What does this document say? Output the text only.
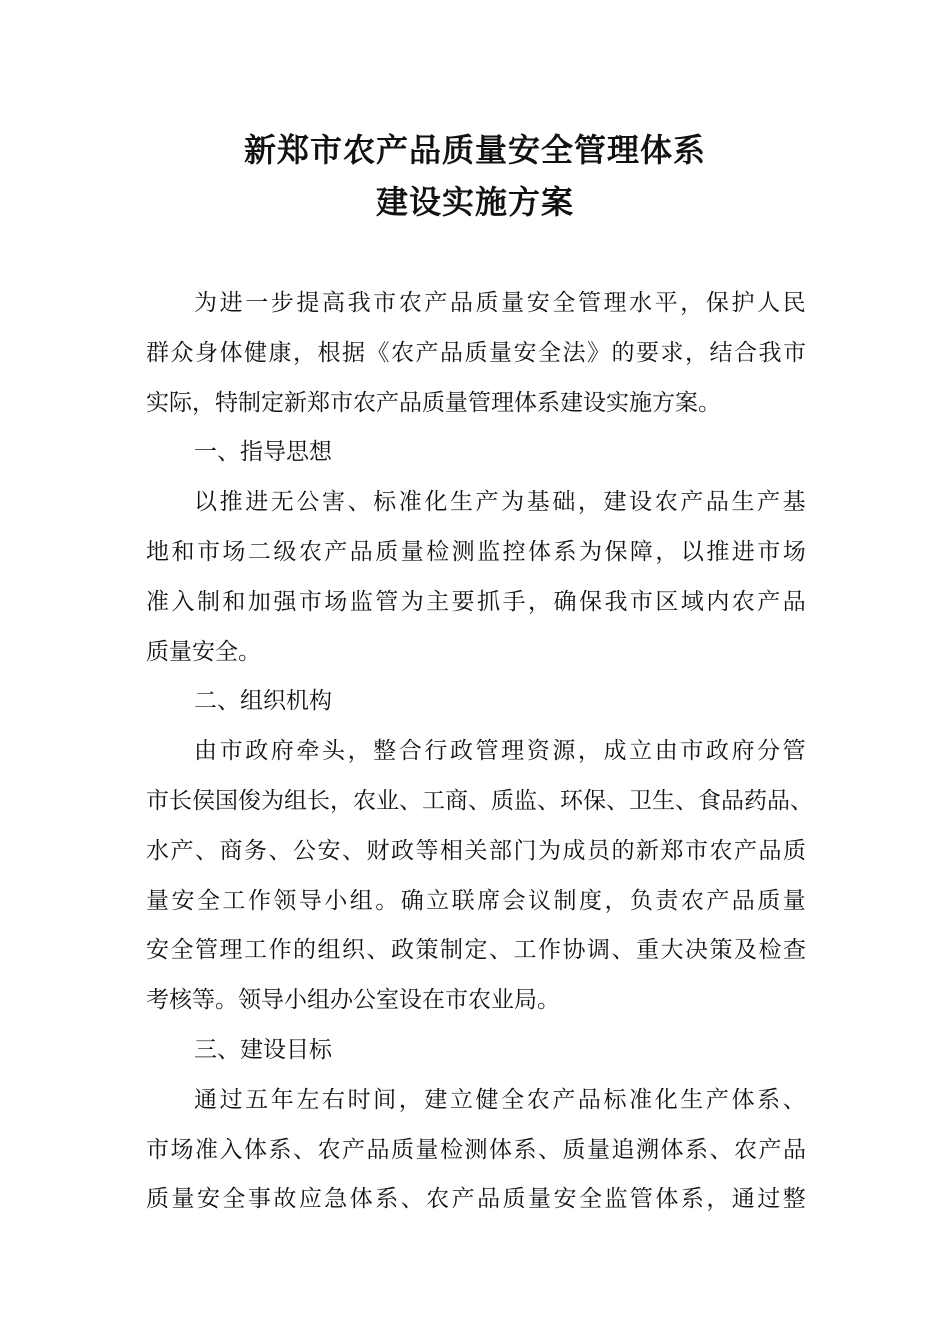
新郑市农产品质量安全管理体系
建设实施方案
为 进 一 步 提 高 我 市 农 产 品 质 量 安 全 管 理 水 平 ， 保 护 人 民
群 众 身 体 健 康 ， 根 据 《 农 产 品 质 量 安 全 法 》 的 要 求 ， 结 合 我 市
实际，特制定新郑市农产品质量管理体系建设实施方案。
一、指导思想
以 推 进 无 公 害 、 标 准 化 生 产 为 基 础 ， 建 设 农 产 品 生 产 基
地 和 市 场 二 级 农 产 品 质 量 检 测 监 控 体 系 为 保 障 ， 以 推 进 市 场
准 入 制 和 加 强 市 场 监 管 为 主 要 抓 手 ， 确 保 我 市 区 域 内 农 产 品
质量安全。
二、组织机构
由 市 政 府 牵 头 ， 整 合 行 政 管 理 资 源 ， 成 立 由 市 政 府 分 管
市 长 侯 国 俊 为 组 长 ， 农 业 、 工 商 、 质 监 、 环 保 、 卫 生 、 食 品 药 品 、
水 产 、 商 务 、 公 安 、 财 政 等 相 关 部 门 为 成 员 的 新 郑 市 农 产 品 质
量 安 全 工 作 领 导 小 组 。 确 立 联 席 会 议 制 度 ， 负 责 农 产 品 质 量
安 全 管 理 工 作 的 组 织 、 政 策 制 定 、 工 作 协 调 、 重 大 决 策 及 检 查
考核等。领导小组办公室设在市农业局。
三、建设目标
通 过 五 年 左 右 时 间 ， 建 立 健 全 农 产 品 标 准 化 生 产 体 系 、
市 场 准 入 体 系 、 农 产 品 质 量 检 测 体 系 、 质 量 追 溯 体 系 、 农 产 品
质 量 安 全 事 故 应 急 体 系 、 农 产 品 质 量 安 全 监 管 体 系 ， 通 过 整
